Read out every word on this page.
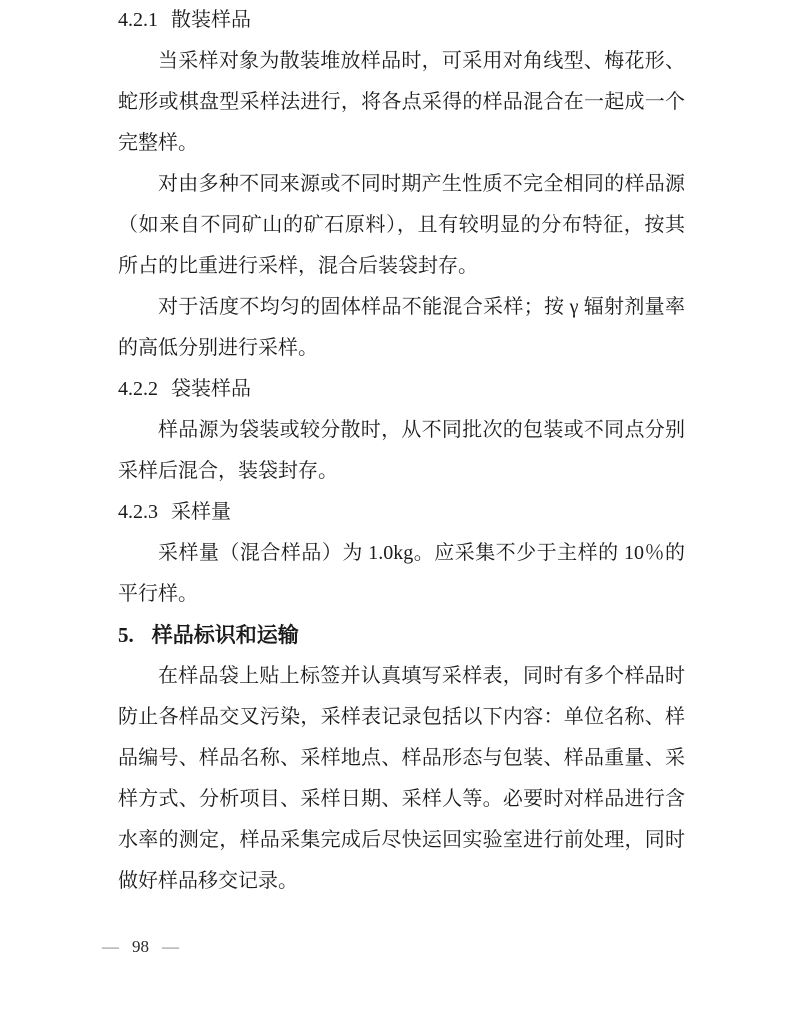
4.2.1 散装样品

当采样对象为散装堆放样品时，可采用对角线型、梅花形、蛇形或棋盘型采样法进行，将各点采得的样品混合在一起成一个完整样。

对由多种不同来源或不同时期产生性质不完全相同的样品源（如来自不同矿山的矿石原料），且有较明显的分布特征，按其所占的比重进行采样，混合后装袋封存。

对于活度不均匀的固体样品不能混合采样；按 γ 辐射剂量率的高低分别进行采样。

4.2.2 袋装样品

样品源为袋装或较分散时，从不同批次的包装或不同点分别采样后混合，装袋封存。

4.2.3 采样量

采样量（混合样品）为 1.0kg。应采集不少于主样的 10％的平行样。

5. 样品标识和运输

在样品袋上贴上标签并认真填写采样表，同时有多个样品时防止各样品交叉污染，采样表记录包括以下内容：单位名称、样品编号、样品名称、采样地点、样品形态与包装、样品重量、采样方式、分析项目、采样日期、采样人等。必要时对样品进行含水率的测定，样品采集完成后尽快运回实验室进行前处理，同时做好样品移交记录。

— 98 —
